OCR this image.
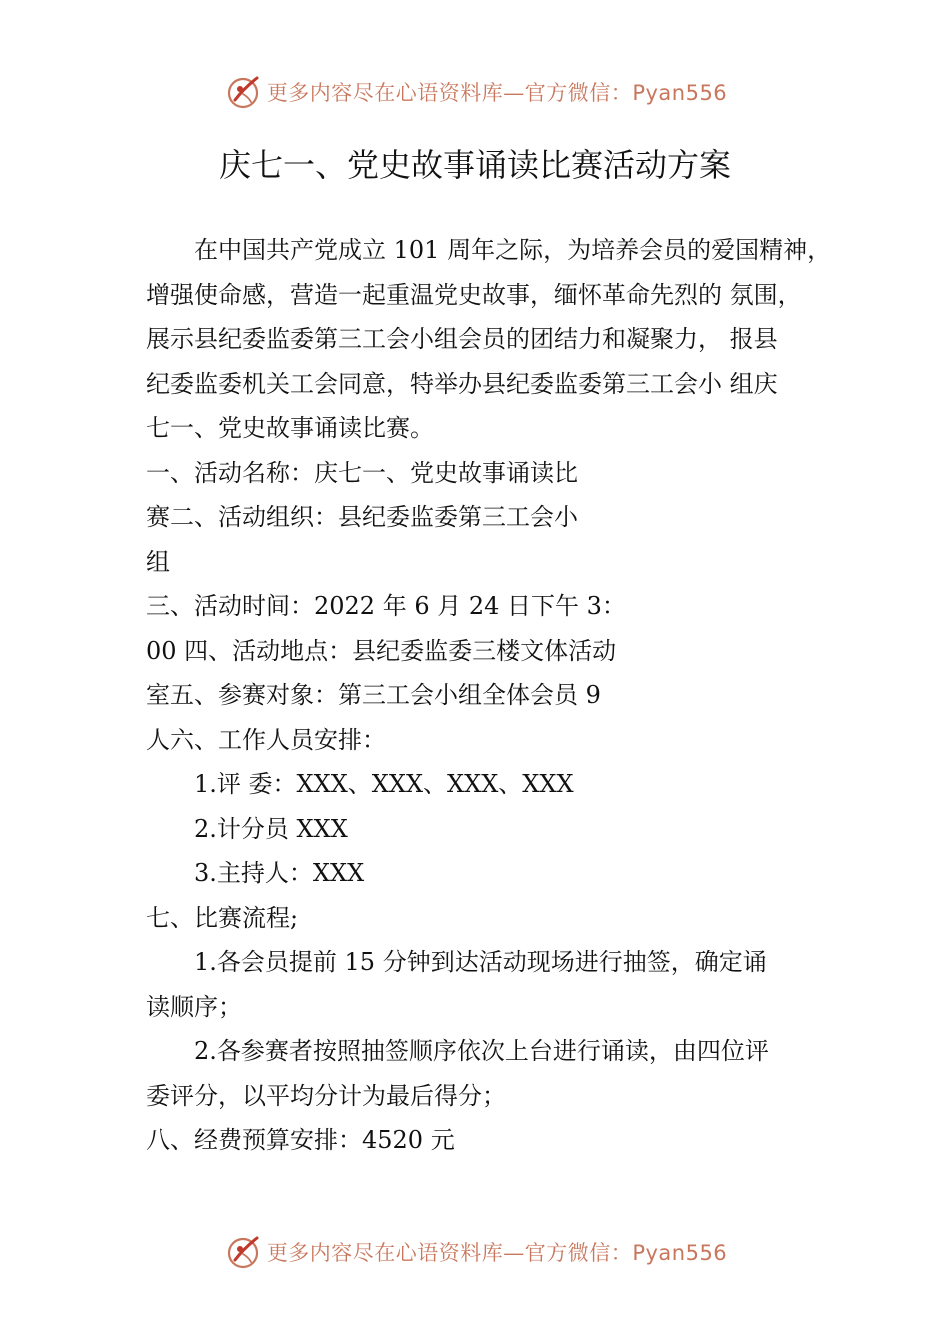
更多内容尽在心语资料库—官方微信：Pyan556
庆七一、党史故事诵读比赛活动方案
在中国共产党成立 101 周年之际，为培养会员的爱国精神，
增强使命感，营造一起重温党史故事，缅怀革命先烈的 氛围，
展示县纪委监委第三工会小组会员的团结力和凝聚力， 报县
纪委监委机关工会同意，特举办县纪委监委第三工会小 组庆
七一、党史故事诵读比赛。
一、活动名称：庆七一、党史故事诵读比
赛二、活动组织：县纪委监委第三工会小
组
三、活动时间：2022 年 6 月 24 日下午 3：
00 四、活动地点：县纪委监委三楼文体活动
室五、参赛对象：第三工会小组全体会员 9
人六、工作人员安排：
1.评 委：XXX、XXX、XXX、XXX
2.计分员 XXX
3.主持人：XXX
七、比赛流程;
1.各会员提前 15 分钟到达活动现场进行抽签，确定诵
读顺序；
2.各参赛者按照抽签顺序依次上台进行诵读，由四位评
委评分，以平均分计为最后得分；
八、经费预算安排：4520 元
更多内容尽在心语资料库—官方微信：Pyan556
